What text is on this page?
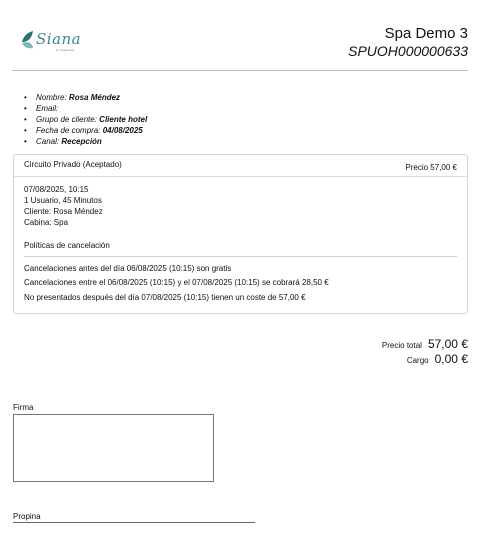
Siana
by Spabooker
Spa Demo 3
SPUOH000000633
• Nombre: Rosa Méndez
• Email:
• Grupo de cliente: Cliente hotel
• Fecha de compra: 04/08/2025
• Canal: Recepción
Circuito Privado (Aceptado)	Precio 57,00 €
07/08/2025, 10:15
1 Usuario, 45 Minutos
Cliente: Rosa Méndez
Cabina: Spa
Políticas de cancelación
Cancelaciones antes del día 06/08/2025 (10:15) son gratis
Cancelaciones entre el 06/08/2025 (10:15) y el 07/08/2025 (10:15) se cobrará 28,50 €
No presentados después del día 07/08/2025 (10:15) tienen un coste de 57,00 €
Precio total 57,00 €
Cargo 0,00 €
Firma
Propina
